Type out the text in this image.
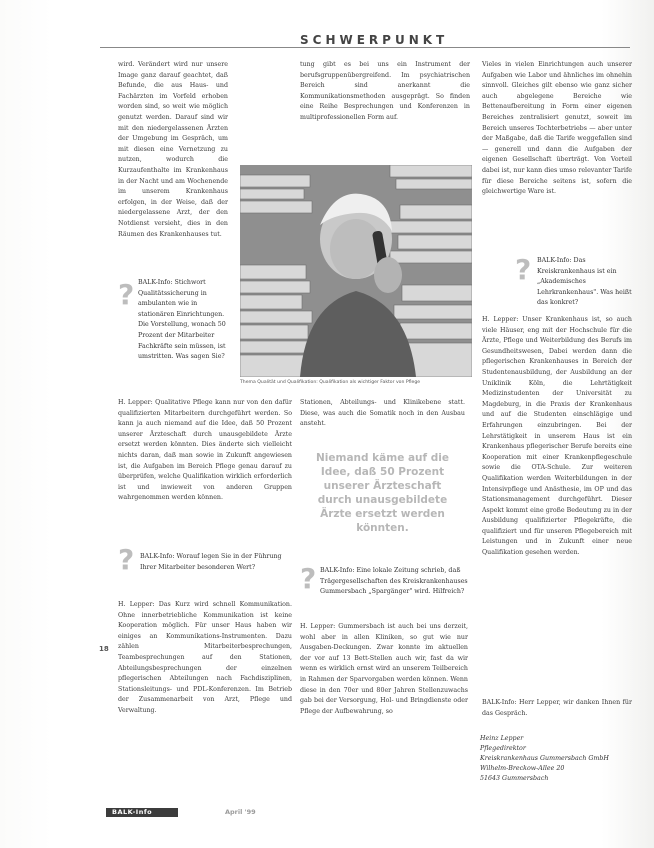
SCHWERPUNKT

wird. Verändert wird nur unsere Image ganz darauf geachtet, daß Befunde, die aus Haus- und Fachärzten im Vorfeld erhoben worden sind, so weit wie möglich genutzt werden. Darauf sind wir mit den niedergelassenen Ärzten der Umgebung im Gespräch, um mit diesen eine Vernetzung zu nutzen, wodurch die Kurzaufenthalte im Krankenhaus in der Nacht und am Wochenende im unserem Krankenhaus erfolgen, in der Weise, daß der niedergelassene Arzt, der den Notdienst versieht, dies in den Räumen des Krankenhauses tut.

? BALK-Info: Stichwort Qualitätssicherung in ambulanten wie in stationären Einrichtungen. Die Vorstellung, wonach 50 Prozent der Mitarbeiter Fachkräfte sein müssen, ist umstritten. Was sagen Sie?

H. Lepper: Qualitative Pflege kann nur von den dafür qualifizierten Mitarbeitern durchgeführt werden. So kann ja auch niemand auf die Idee, daß 50 Prozent unserer Ärzteschaft durch unausgebildete Ärzte ersetzt werden könnten. Dies änderte sich vielleicht nichts daran, daß man sowie in Zukunft angewiesen ist, die Aufgaben im Bereich Pflege genau darauf zu überprüfen, welche Qualifikation wirklich erforderlich ist und inwieweit von anderen Gruppen wahrgenommen werden können.

? BALK-Info: Worauf legen Sie in der Führung Ihrer Mitarbeiter besonderen Wert?

H. Lepper: Das Kurz wird schnell Kommunikation. Ohne innerbetriebliche Kommunikation ist keine Kooperation möglich. Für unser Haus haben wir einiges an Kommunikations-Instrumenten. Dazu zählen Mitarbeiterbesprechungen, Teambesprechungen auf den Stationen, Abteilungsbesprechungen der einzelnen pflegerischen Abteilungen nach Fachdisziplinen, Stationsleitungs- und PDL-Konferenzen. Im Betrieb der Zusammenarbeit von Arzt, Pflege und Verwaltung.

18

tung gibt es bei uns ein Instrument der berufsgruppenübergreifend. Im psychiatrischen Bereich sind anerkannt die Kommunikationsmethoden ausgeprägt. So finden eine Reihe Besprechungen und Konferenzen in multiprofessionellen Form auf.

Thema Qualität und Qualifikation: Qualifikation als wichtiger Faktor von Pflege

Stationen, Abteilungs- und Klinikebene statt. Diese, was auch die Somatik noch in den Ausbau ansteht.

Niemand käme auf die Idee, daß 50 Prozent unserer Ärzteschaft durch unausgebildete Ärzte ersetzt werden könnten.
? BALK-Info: Eine lokale Zeitung schrieb, daß Trägergesellschaften des Kreiskrankenhauses Gummersbach „Spargänger" wird. Hilfreich?

H. Lepper: Gummersbach ist auch bei uns derzeit, wohl aber in allen Kliniken, so gut wie nur Ausgaben-Deckungen. Zwar konnte im aktuellen der vor auf 13 Bett-Stellen auch wir, fast da wir wenn es wirklich ernst wird an unserem Teilbereich in Rahmen der Sparvorgaben werden können. Wenn diese in den 70er und 80er Jahren Stellenzuwachs gab bei der Versorgung, Hol- und Bringdienste oder Pflege der Aufbewahrung, so

Vieles in vielen Einrichtungen auch unserer Aufgaben wie Labor und ähnliches im ohnehin sinnvoll. Gleiches gilt ebenso wie ganz sicher auch abgelegene Bereiche wie Bettenaufbereitung in Form einer eigenen Bereiches zentralisiert genutzt, soweit im Bereich unseres Tochterbetriebs — aber unter der Maßgabe, daß die Tarife weggefallen sind — generell und dann die Aufgaben der eigenen Gesellschaft überträgt. Von Vorteil dabei ist, nur kann dies umso relevanter Tarife für diese Bereiche seitens ist, sofern die gleichwertige Ware ist.

? BALK-Info: Das Kreiskrankenhaus ist ein „Akademisches Lehrkrankenhaus". Was heißt das konkret?

H. Lepper: Unser Krankenhaus ist, so auch viele Häuser, eng mit der Hochschule für die Ärzte, Pflege und Weiterbildung des Berufs im Gesundheitswesen, Dabei werden dann die pflegerischen Krankenhauses in Bereich der Studentenausbildung, der Ausbildung an der Uniklinik Köln, die Lehrtätigkeit Medizinstudenten der Universität zu Magdeburg, in die Praxis der Krankenhaus und auf die Studenten einschlägige und Erfahrungen einzubringen. Bei der Lehrstätigkeit in unserem Haus ist ein Krankenhaus pflegerischer Berufe bereits eine Kooperation mit einer Krankenpflegeschule sowie die OTA-Schule. Zur weiteren Qualifikation werden Weiterbildungen in der Intensivpflege und Anästhesie, im OP und das Stationsmanagement durchgeführt. Dieser Aspekt kommt eine große Bedeutung zu in der Ausbildung qualifizierter Pflegekräfte, die qualifiziert und für unseren Pflegebereich mit Leistungen und in Zukunft einer neue Qualifikation gesehen werden.

BALK-Info: Herr Lepper, wir danken Ihnen für das Gespräch.

Heinz Lepper
Pflegedirektor
Kreiskrankenhaus Gummersbach GmbH
Wilhelm-Breckow-Allee 20
51643 Gummersbach
BALK-Info	April '99
